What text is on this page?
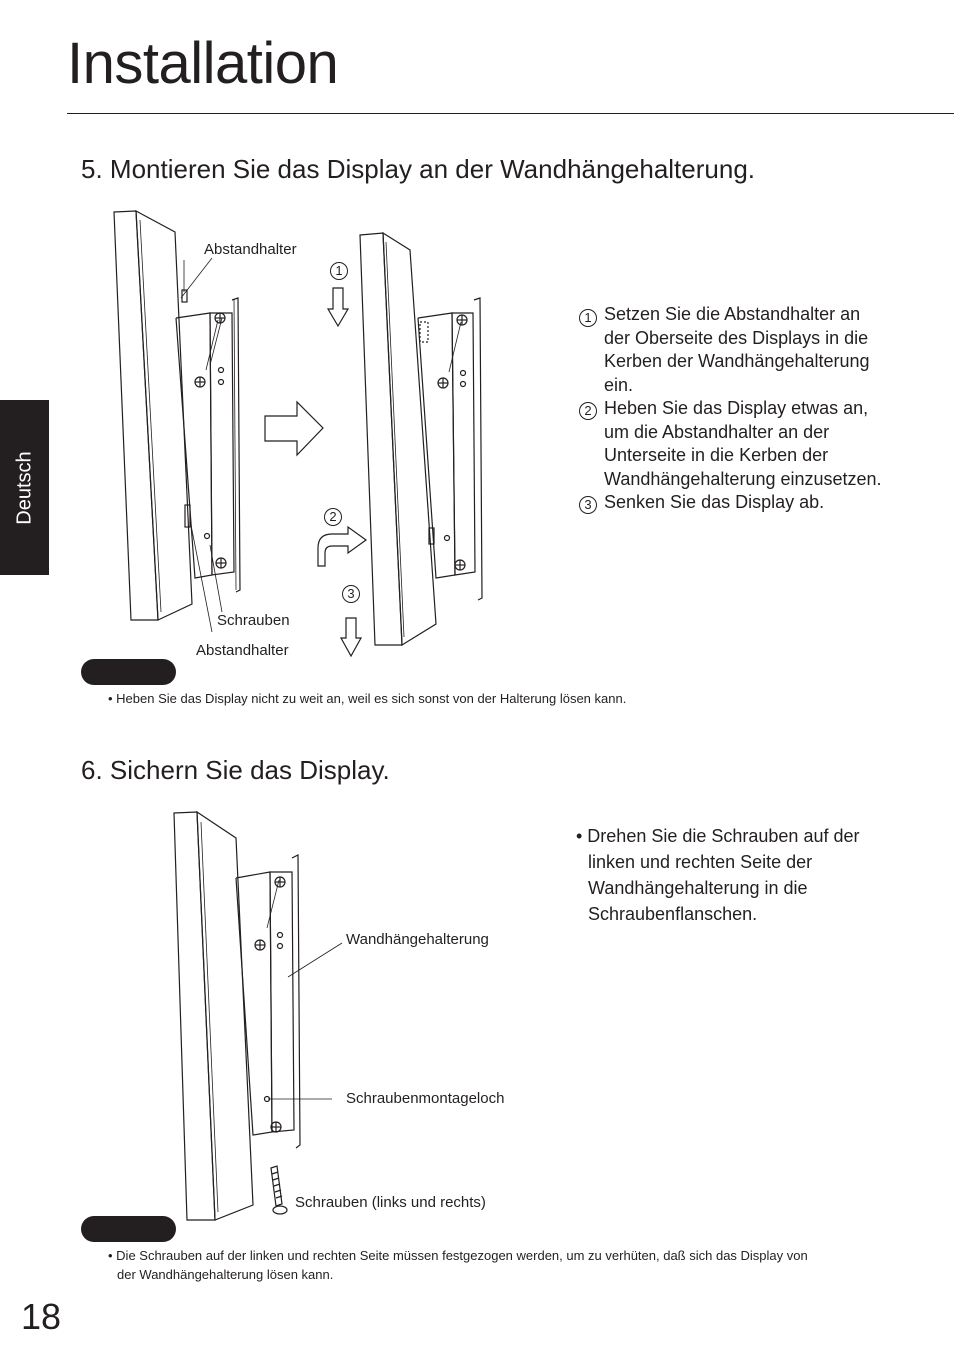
Installation
Deutsch
5. Montieren Sie das Display an der Wandhängehalterung.
Abstandhalter
Schrauben
Abstandhalter
1
2
3
1 Setzen Sie die Abstandhalter an
der Oberseite des Displays in die
Kerben der Wandhängehalterung
ein.
2 Heben Sie das Display etwas an,
um die Abstandhalter an der
Unterseite in die Kerben der
Wandhängehalterung einzusetzen.
3 Senken Sie das Display ab.
• Heben Sie das Display nicht zu weit an, weil es sich sonst von der Halterung lösen kann.
6. Sichern Sie das Display.
Wandhängehalterung
Schraubenmontageloch
Schrauben (links und rechts)
• Drehen Sie die Schrauben auf der
linken und rechten Seite der
Wandhängehalterung in die
Schraubenflanschen.
• Die Schrauben auf der linken und rechten Seite müssen festgezogen werden, um zu verhüten, daß sich das Display von
der Wandhängehalterung lösen kann.
18
